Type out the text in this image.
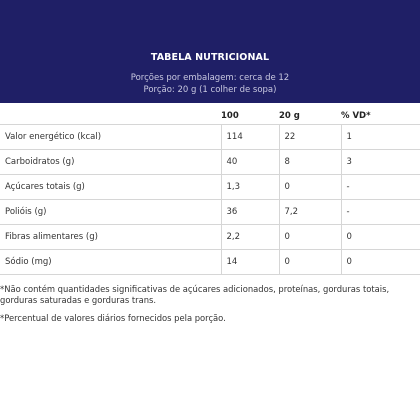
TABELA NUTRICIONAL
Porções por embalagem: cerca de 12
Porção: 20 g (1 colher de sopa)
	100	20 g	% VD*
Valor energético (kcal)	114	22	1
Carboidratos (g)	40	8	3
Açúcares totais (g)	1,3	0	-
Polióis (g)	36	7,2	-
Fibras alimentares (g)	2,2	0	0
Sódio (mg)	14	0	0

*Não contém quantidades significativas de açúcares adicionados, proteínas, gorduras totais, gorduras saturadas e gorduras trans.

*Percentual de valores diários fornecidos pela porção.
